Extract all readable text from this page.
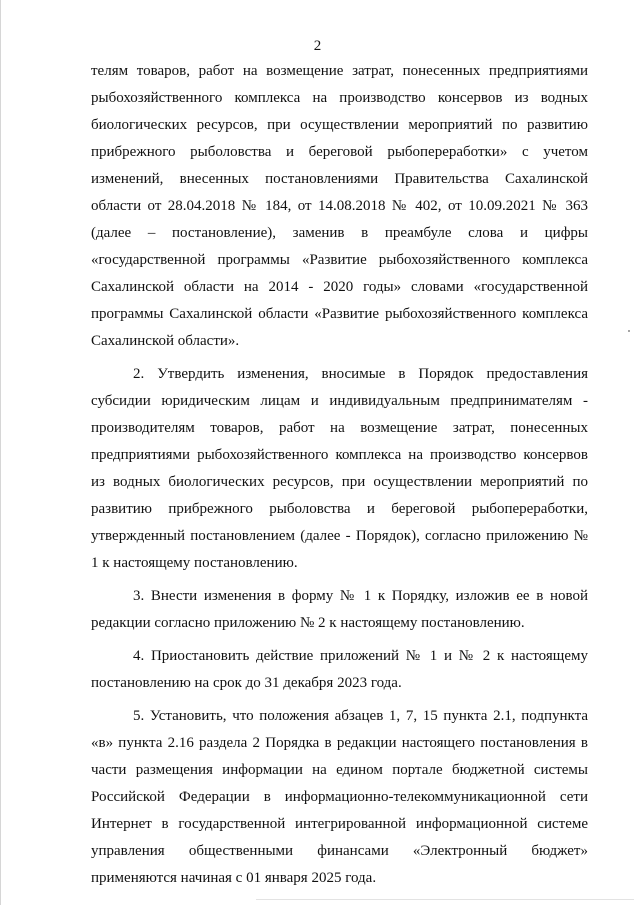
2

телям товаров, работ на возмещение затрат, понесенных предприятиями рыбохозяйственного комплекса на производство консервов из водных биологических ресурсов, при осуществлении мероприятий по развитию прибрежного рыболовства и береговой рыбопереработки» с учетом изменений, внесенных постановлениями Правительства Сахалинской области от 28.04.2018 № 184, от 14.08.2018 № 402, от 10.09.2021 № 363 (далее – постановление), заменив в преамбуле слова и цифры «государственной программы «Развитие рыбохозяйственного комплекса Сахалинской области на 2014 - 2020 годы» словами «государственной программы Сахалинской области «Развитие рыбохозяйственного комплекса Сахалинской области».

2. Утвердить изменения, вносимые в Порядок предоставления субсидии юридическим лицам и индивидуальным предпринимателям - производителям товаров, работ на возмещение затрат, понесенных предприятиями рыбохозяйственного комплекса на производство консервов из водных биологических ресурсов, при осуществлении мероприятий по развитию прибрежного рыболовства и береговой рыбопереработки, утвержденный постановлением (далее - Порядок), согласно приложению № 1 к настоящему постановлению.

3. Внести изменения в форму № 1 к Порядку, изложив ее в новой редакции согласно приложению № 2 к настоящему постановлению.

4. Приостановить действие приложений № 1 и № 2 к настоящему постановлению на срок до 31 декабря 2023 года.

5. Установить, что положения абзацев 1, 7, 15 пункта 2.1, подпункта «в» пункта 2.16 раздела 2 Порядка в редакции настоящего постановления в части размещения информации на едином портале бюджетной системы Российской Федерации в информационно-телекоммуникационной сети Интернет в государственной интегрированной информационной системе управления общественными финансами «Электронный бюджет» применяются начиная с 01 января 2025 года.
